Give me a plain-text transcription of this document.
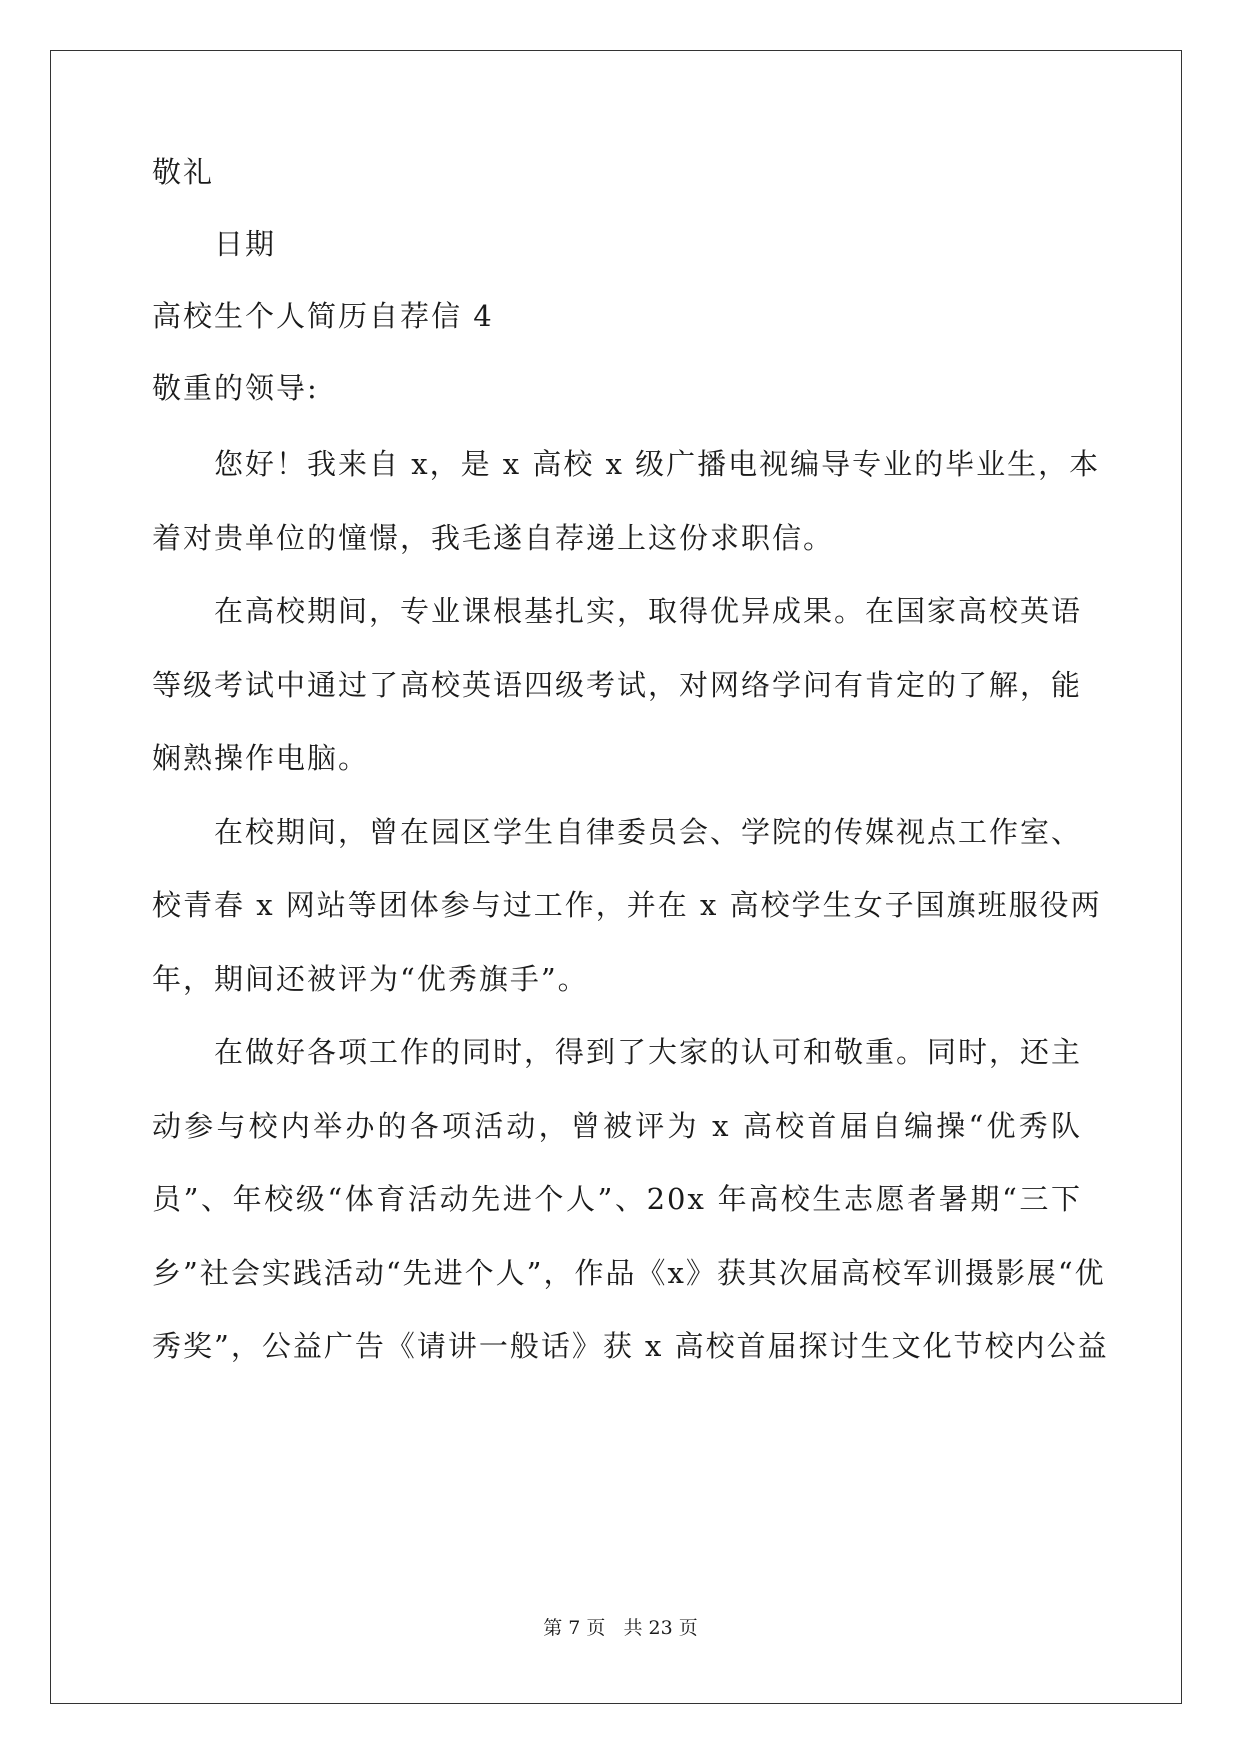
敬礼
日期
高校生个人简历自荐信 4
敬重的领导:
您好！我来自 x，是 x 高校 x 级广播电视编导专业的毕业生，本
着对贵单位的憧憬，我毛遂自荐递上这份求职信。
在高校期间，专业课根基扎实，取得优异成果。在国家高校英语
等级考试中通过了高校英语四级考试，对网络学问有肯定的了解，能
娴熟操作电脑。
在校期间，曾在园区学生自律委员会、学院的传媒视点工作室、
校青春 x 网站等团体参与过工作，并在 x 高校学生女子国旗班服役两
年，期间还被评为“优秀旗手”。
在做好各项工作的同时，得到了大家的认可和敬重。同时，还主
动参与校内举办的各项活动，曾被评为 x 高校首届自编操“优秀队
员”、年校级“体育活动先进个人”、20x 年高校生志愿者暑期“三下
乡”社会实践活动“先进个人”，作品《x》获其次届高校军训摄影展“优
秀奖”，公益广告《请讲一般话》获 x 高校首届探讨生文化节校内公益
第 7 页 共 23 页
